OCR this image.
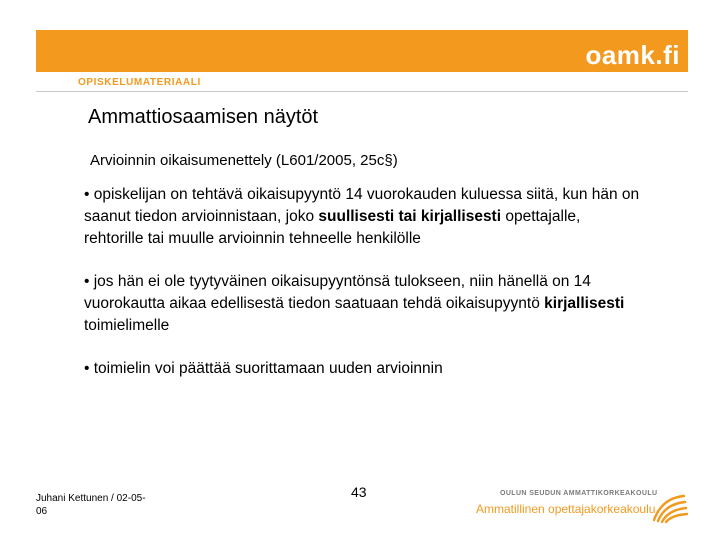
oamk.fi
OPISKELUMATERIAALI
Ammattiosaamisen näytöt
Arvioinnin oikaisumenettely (L601/2005, 25c§)

• opiskelijan on tehtävä oikaisupyyntö 14 vuorokauden kuluessa siitä, kun hän on saanut tiedon arvioinnistaan, joko suullisesti tai kirjallisesti opettajalle, rehtorille tai muulle arvioinnin tehneelle henkilölle

• jos hän ei ole tyytyväinen oikaisupyyntönsä tulokseen, niin hänellä on 14 vuorokautta aikaa edellisestä tiedon saatuaan tehdä oikaisupyyntö kirjallisesti toimielimelle

• toimielin voi päättää suorittamaan uuden arvioinnin

Juhani Kettunen / 02-05-06
43	OULUN SEUDUN AMMATTIKORKEAKOULU
Ammatillinen opettajakorkeakoulu
